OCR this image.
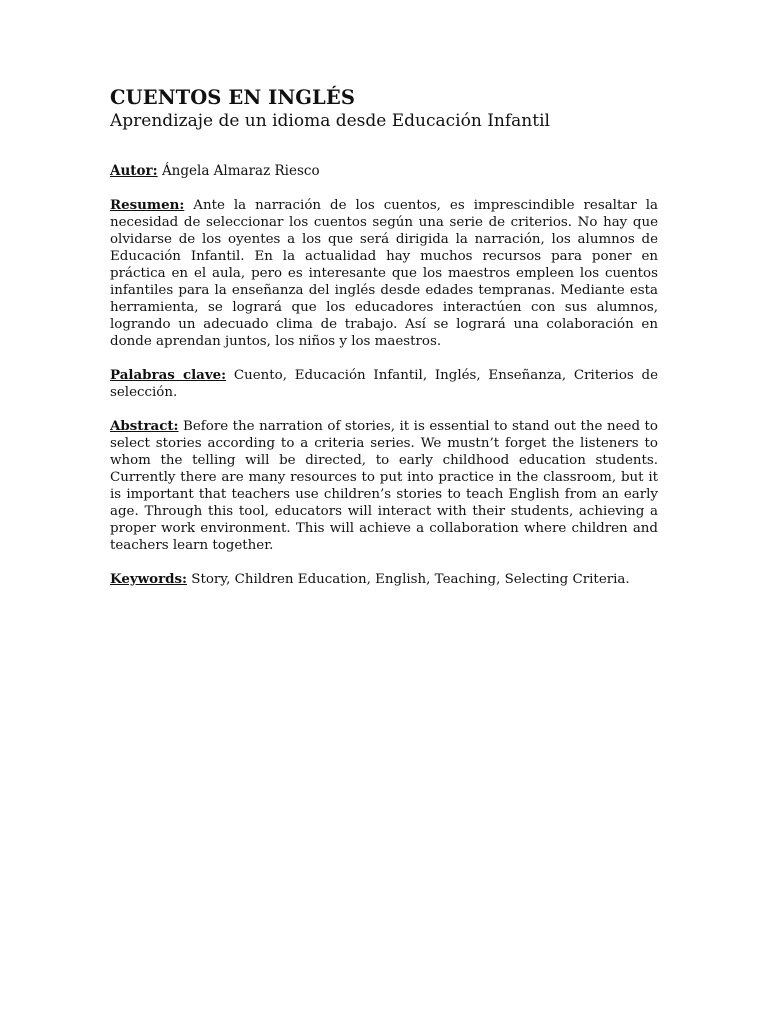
CUENTOS EN INGLÉS
Aprendizaje de un idioma desde Educación Infantil
Autor: Ángela Almaraz Riesco

Resumen: Ante la narración de los cuentos, es imprescindible resaltar la necesidad de seleccionar los cuentos según una serie de criterios. No hay que olvidarse de los oyentes a los que será dirigida la narración, los alumnos de Educación Infantil. En la actualidad hay muchos recursos para poner en práctica en el aula, pero es interesante que los maestros empleen los cuentos infantiles para la enseñanza del inglés desde edades tempranas. Mediante esta herramienta, se logrará que los educadores interactúen con sus alumnos, logrando un adecuado clima de trabajo. Así se logrará una colaboración en donde aprendan juntos, los niños y los maestros.

Palabras clave: Cuento, Educación Infantil, Inglés, Enseñanza, Criterios de selección.

Abstract: Before the narration of stories, it is essential to stand out the need to select stories according to a criteria series. We mustn’t forget the listeners to whom the telling will be directed, to early childhood education students. Currently there are many resources to put into practice in the classroom, but it is important that teachers use children’s stories to teach English from an early age. Through this tool, educators will interact with their students, achieving a proper work environment. This will achieve a collaboration where children and teachers learn together.

Keywords: Story, Children Education, English, Teaching, Selecting Criteria.
